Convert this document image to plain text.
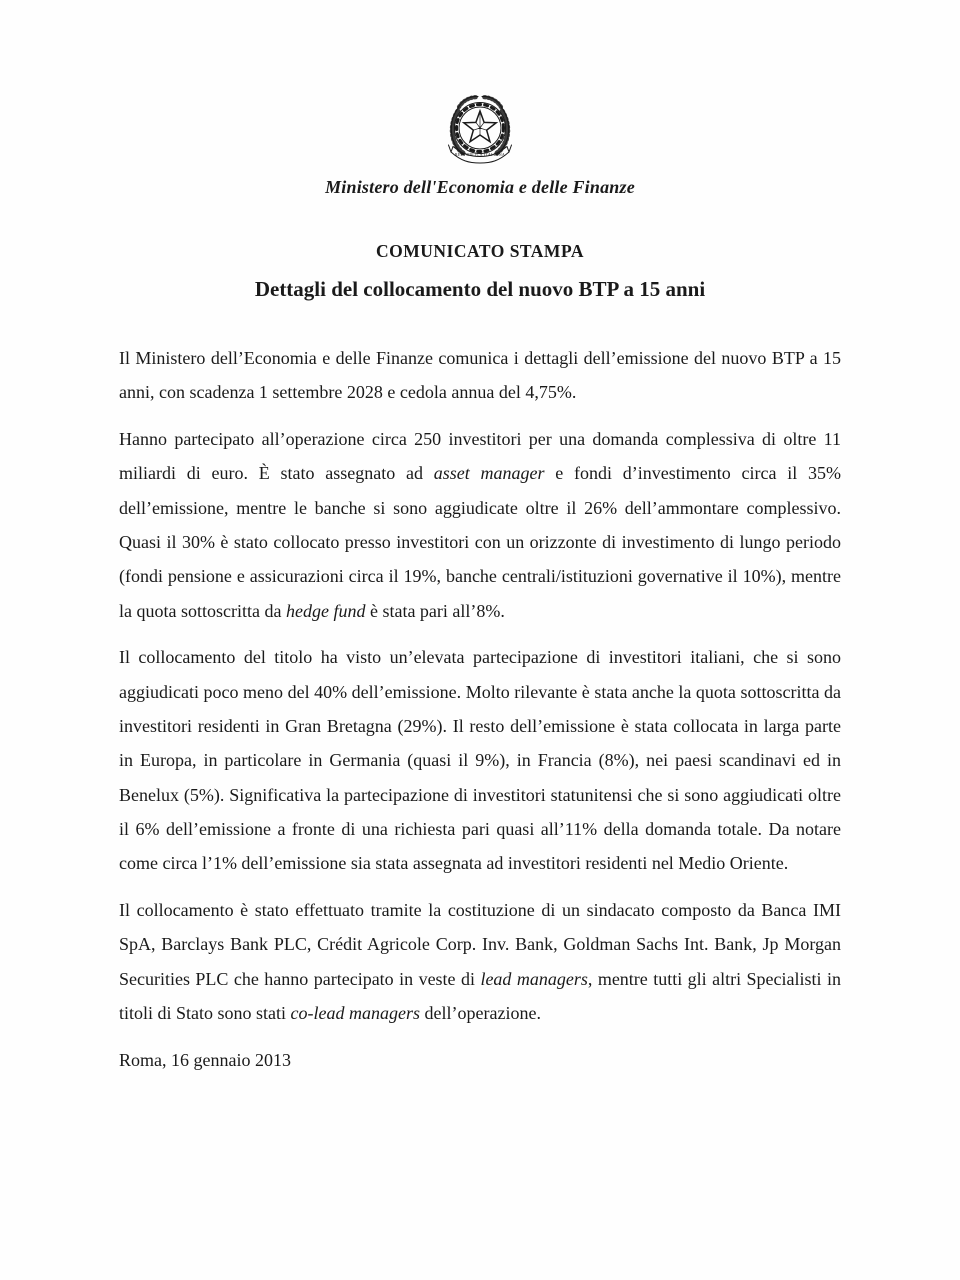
REPVBBLICA ITALIANA
Ministero dell'Economia e delle Finanze
COMUNICATO STAMPA
Dettagli del collocamento del nuovo BTP a 15 anni

Il Ministero dell’Economia e delle Finanze comunica i dettagli dell’emissione del nuovo BTP a 15 anni, con scadenza 1 settembre 2028 e cedola annua del 4,75%.

Hanno partecipato all’operazione circa 250 investitori per una domanda complessiva di oltre 11 miliardi di euro. È stato assegnato ad asset manager e fondi d’investimento circa il 35% dell’emissione, mentre le banche si sono aggiudicate oltre il 26% dell’ammontare complessivo. Quasi il 30% è stato collocato presso investitori con un orizzonte di investimento di lungo periodo (fondi pensione e assicurazioni circa il 19%, banche centrali/istituzioni governative il 10%), mentre la quota sottoscritta da hedge fund è stata pari all’8%.

Il collocamento del titolo ha visto un’elevata partecipazione di investitori italiani, che si sono aggiudicati poco meno del 40% dell’emissione. Molto rilevante è stata anche la quota sottoscritta da investitori residenti in Gran Bretagna (29%). Il resto dell’emissione è stata collocata in larga parte in Europa, in particolare in Germania (quasi il 9%), in Francia (8%), nei paesi scandinavi ed in Benelux (5%). Significativa la partecipazione di investitori statunitensi che si sono aggiudicati oltre il 6% dell’emissione a fronte di una richiesta pari quasi all’11% della domanda totale. Da notare come circa l’1% dell’emissione sia stata assegnata ad investitori residenti nel Medio Oriente.

Il collocamento è stato effettuato tramite la costituzione di un sindacato composto da Banca IMI SpA, Barclays Bank PLC, Crédit Agricole Corp. Inv. Bank, Goldman Sachs Int. Bank, Jp Morgan Securities PLC che hanno partecipato in veste di lead managers, mentre tutti gli altri Specialisti in titoli di Stato sono stati co-lead managers dell’operazione.

Roma, 16 gennaio 2013
